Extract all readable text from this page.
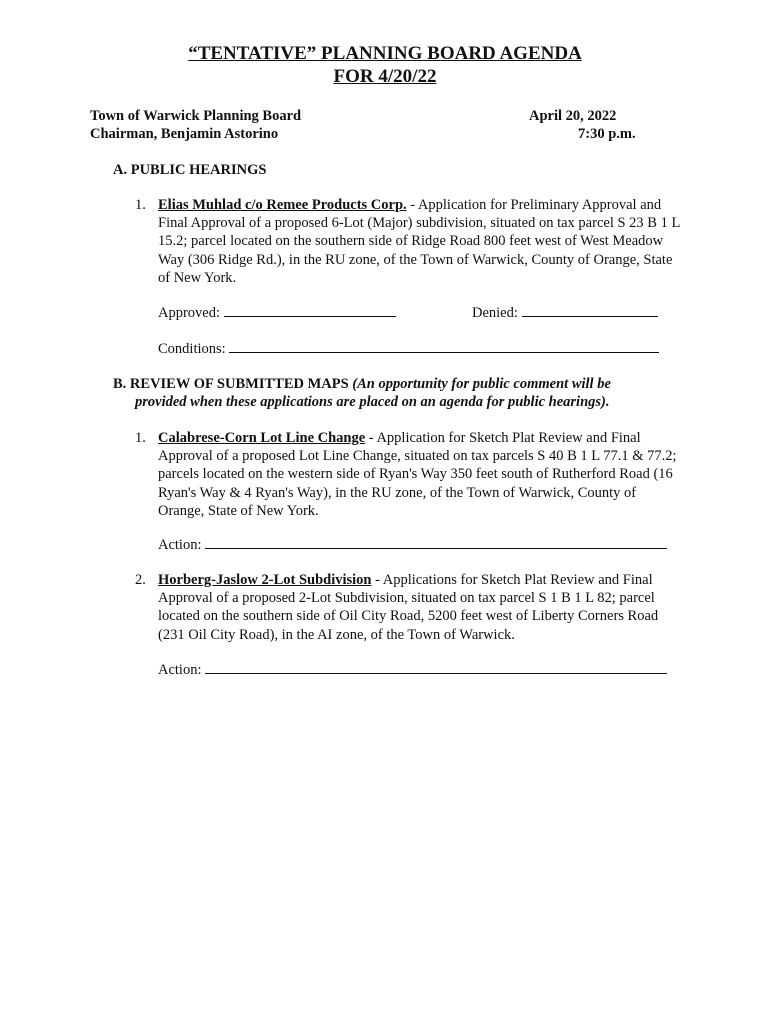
“TENTATIVE” PLANNING BOARD AGENDA
FOR 4/20/22
Town of Warwick Planning Board
Chairman, Benjamin Astorino
April 20, 2022
7:30 p.m.
A. PUBLIC HEARINGS
1. Elias Muhlad c/o Remee Products Corp. - Application for Preliminary Approval and Final Approval of a proposed 6-Lot (Major) subdivision, situated on tax parcel S 23 B 1 L 15.2; parcel located on the southern side of Ridge Road 800 feet west of West Meadow Way (306 Ridge Rd.), in the RU zone, of the Town of Warwick, County of Orange, State of New York.
Approved:	Denied:
Conditions:
B. REVIEW OF SUBMITTED MAPS (An opportunity for public comment will be
provided when these applications are placed on an agenda for public hearings).
1. Calabrese-Corn Lot Line Change - Application for Sketch Plat Review and Final Approval of a proposed Lot Line Change, situated on tax parcels S 40 B 1 L 77.1 & 77.2; parcels located on the western side of Ryan's Way 350 feet south of Rutherford Road (16 Ryan's Way & 4 Ryan's Way), in the RU zone, of the Town of Warwick, County of Orange, State of New York.
Action:
2. Horberg-Jaslow 2-Lot Subdivision - Applications for Sketch Plat Review and Final Approval of a proposed 2-Lot Subdivision, situated on tax parcel S 1 B 1 L 82; parcel located on the southern side of Oil City Road, 5200 feet west of Liberty Corners Road (231 Oil City Road), in the AI zone, of the Town of Warwick.
Action:
